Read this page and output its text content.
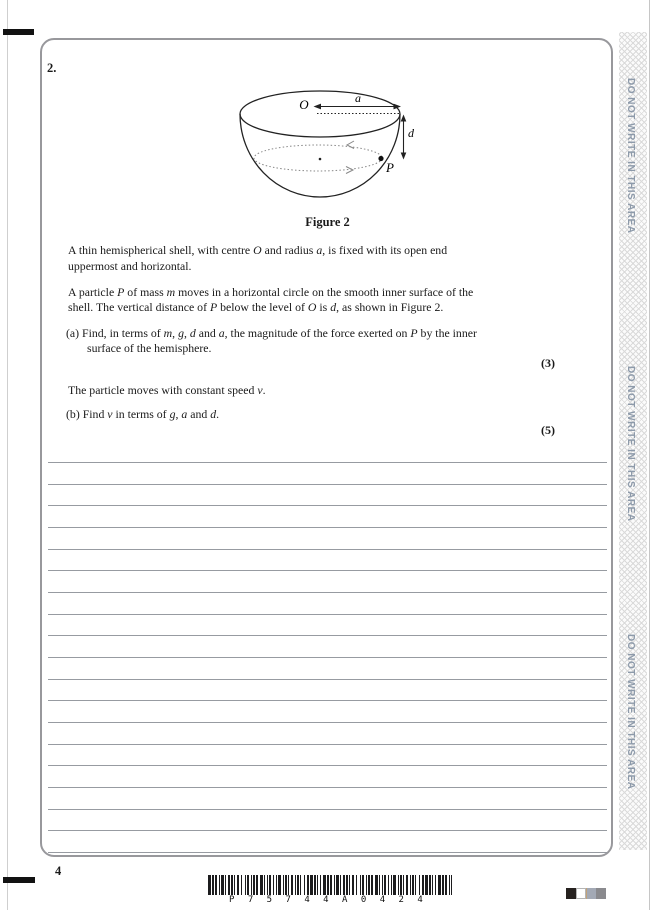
DO NOT WRITE IN THIS AREA
DO NOT WRITE IN THIS AREA
DO NOT WRITE IN THIS AREA
2.
O	a
d
P
Figure 2
A thin hemispherical shell, with centre O and radius a, is fixed with its open end
uppermost and horizontal.
A particle P of mass m moves in a horizontal circle on the smooth inner surface of the
shell. The vertical distance of P below the level of O is d, as shown in Figure 2.
(a) Find, in terms of m, g, d and a, the magnitude of the force exerted on P by the inner
surface of the hemisphere.
(3)
The particle moves with constant speed v.
(b) Find v in terms of g, a and d.
(5)
4
P 7 5 7 4 4 A 0 4 2 4
